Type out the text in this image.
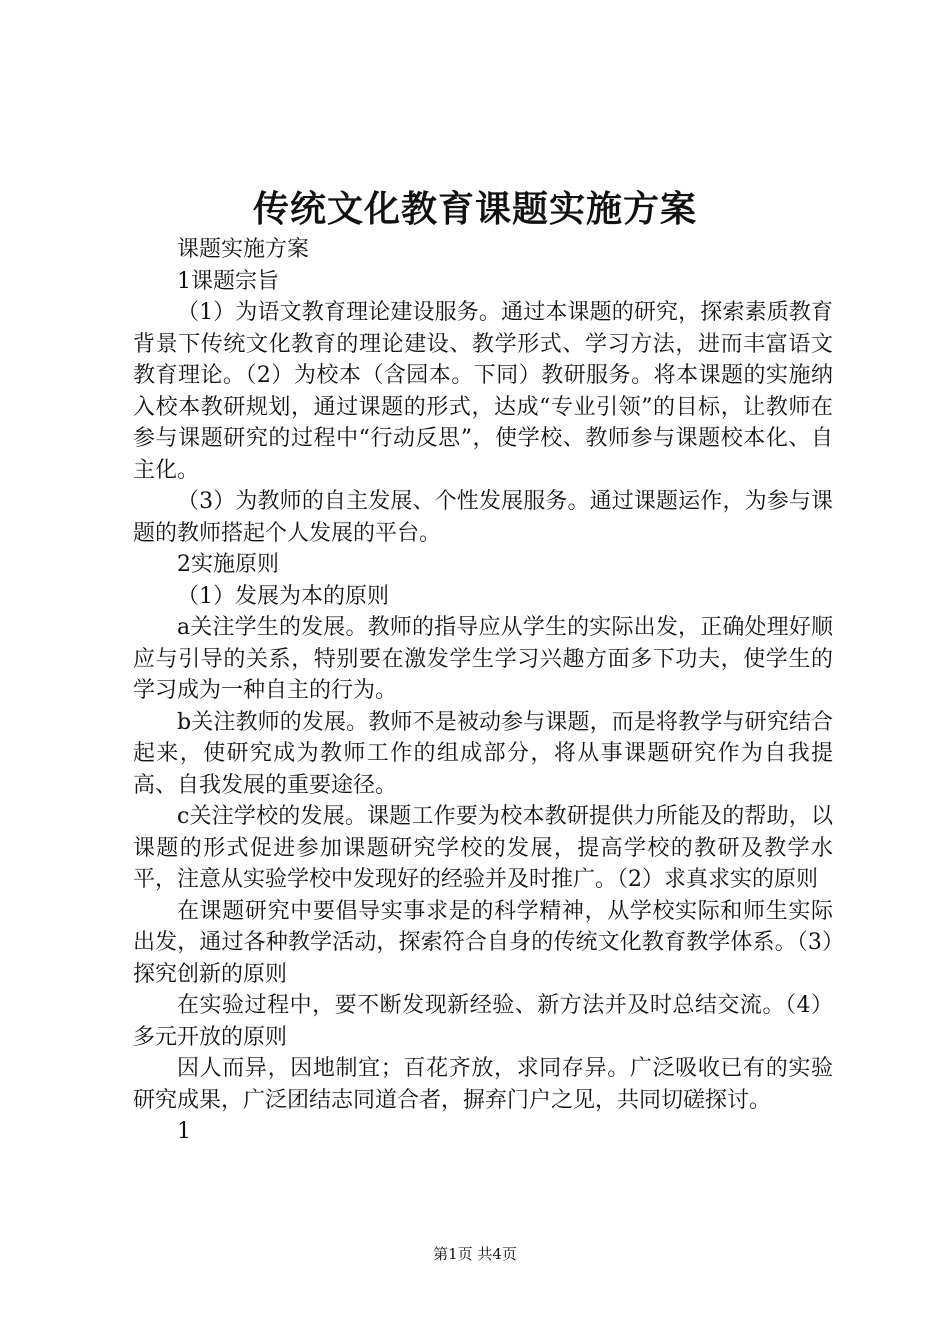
传统文化教育课题实施方案

课题实施方案

1课题宗旨

（1）为语文教育理论建设服务。通过本课题的研究，探索素质教育背景下传统文化教育的理论建设、教学形式、学习方法，进而丰富语文教育理论。（2）为校本（含园本。下同）教研服务。将本课题的实施纳入校本教研规划，通过课题的形式，达成“专业引领”的目标，让教师在参与课题研究的过程中“行动反思”，使学校、教师参与课题校本化、自主化。

（3）为教师的自主发展、个性发展服务。通过课题运作，为参与课题的教师搭起个人发展的平台。

2实施原则

（1）发展为本的原则

a关注学生的发展。教师的指导应从学生的实际出发，正确处理好顺应与引导的关系，特别要在激发学生学习兴趣方面多下功夫，使学生的学习成为一种自主的行为。

b关注教师的发展。教师不是被动参与课题，而是将教学与研究结合起来，使研究成为教师工作的组成部分，将从事课题研究作为自我提高、自我发展的重要途径。

c关注学校的发展。课题工作要为校本教研提供力所能及的帮助，以课题的形式促进参加课题研究学校的发展，提高学校的教研及教学水平，注意从实验学校中发现好的经验并及时推广。（2）求真求实的原则

在课题研究中要倡导实事求是的科学精神，从学校实际和师生实际出发，通过各种教学活动，探索符合自身的传统文化教育教学体系。（3）探究创新的原则

在实验过程中，要不断发现新经验、新方法并及时总结交流。（4）多元开放的原则

因人而异，因地制宜；百花齐放，求同存异。广泛吸收已有的实验研究成果，广泛团结志同道合者，摒弃门户之见，共同切磋探讨。

1

第1页 共4页
